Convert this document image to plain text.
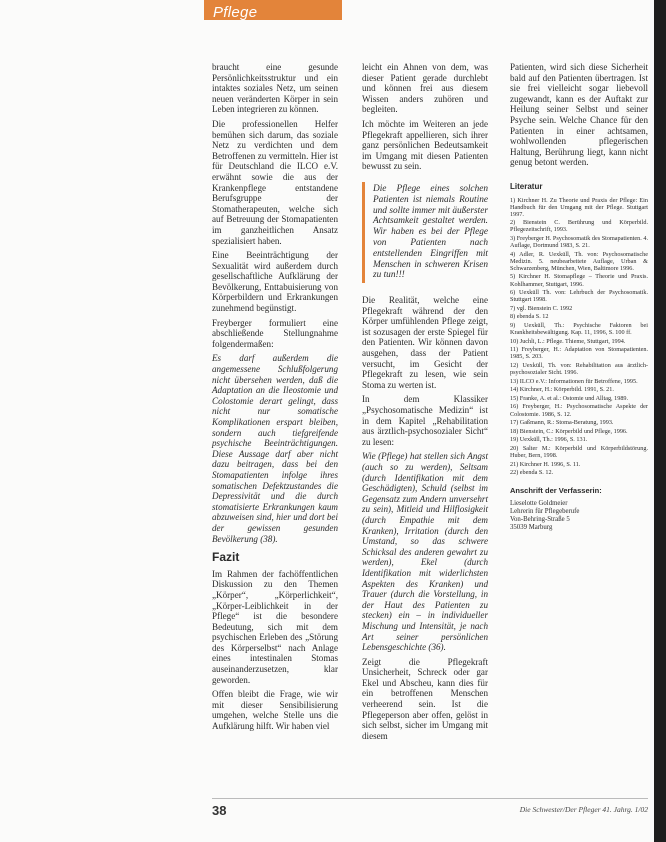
Pflege

braucht eine gesunde Persönlichkeitsstruktur und ein intaktes soziales Netz, um seinen neuen veränderten Körper in sein Leben integrieren zu können.

Die professionellen Helfer bemühen sich darum, das soziale Netz zu verdichten und dem Betroffenen zu vermitteln. Hier ist für Deutschland die ILCO e.V. erwähnt sowie die aus der Krankenpflege entstandene Berufsgruppe der Stomatherapeuten, welche sich auf Betreuung der Stomapatienten im ganzheitlichen Ansatz spezialisiert haben.

Eine Beeinträchtigung der Sexualität wird außerdem durch gesellschaftliche Aufklärung der Bevölkerung, Enttabuisierung von Körperbildern und Erkrankungen zunehmend begünstigt.

Freyberger formuliert eine abschließende Stellungnahme folgendermaßen:

Es darf außerdem die angemessene Schlußfolgerung nicht übersehen werden, daß die Adaptation an die Ileostomie und Colostomie derart gelingt, dass nicht nur somatische Komplikationen erspart bleiben, sondern auch tiefgreifende psychische Beeinträchtigungen. Diese Aussage darf aber nicht dazu beitragen, dass bei den Stomapatienten infolge ihres somatischen Defektzustandes die Depressivität und die durch stomatisierte Erkrankungen kaum abzuweisen sind, hier und dort bei der gewissen gesunden Bevölkerung (38).

Fazit

Im Rahmen der fachöffentlichen Diskussion zu den Themen „Körper“, „Körperlichkeit“, „Körper-Leiblichkeit in der Pflege“ ist die besondere Bedeutung, sich mit dem psychischen Erleben des „Störung des Körperselbst“ nach Anlage eines intestinalen Stomas auseinanderzusetzen, klar geworden.

Offen bleibt die Frage, wie wir mit dieser Sensibilisierung umgehen, welche Stelle uns die Aufklärung hilft. Wir haben viel

leicht ein Ahnen von dem, was dieser Patient gerade durchlebt und können frei aus diesem Wissen anders zuhören und begleiten.

Ich möchte im Weiteren an jede Pflegekraft appellieren, sich ihrer ganz persönlichen Bedeutsamkeit im Umgang mit diesen Patienten bewusst zu sein.

Die Pflege eines solchen Patienten ist niemals Routine und sollte immer mit äußerster Achtsamkeit gestaltet werden. Wir haben es bei der Pflege von Patienten nach entstellenden Eingriffen mit Menschen in schweren Krisen zu tun!!!

Die Realität, welche eine Pflegekraft während der den Körper umfühlenden Pflege zeigt, ist sozusagen der erste Spiegel für den Patienten. Wir können davon ausgehen, dass der Patient versucht, im Gesicht der Pflegekraft zu lesen, wie sein Stoma zu werten ist.

In dem Klassiker „Psychosomatische Medizin“ ist in dem Kapitel „Rehabilitation aus ärztlich-psychosozialer Sicht“ zu lesen:

Wie (Pflege) hat stellen sich Angst (auch so zu werden), Seltsam (durch Identifikation mit dem Geschädigten), Schuld (selbst im Gegensatz zum Andern unversehrt zu sein), Mitleid und Hilflosigkeit (durch Empathie mit dem Kranken), Irritation (durch den Umstand, so das schwere Schicksal des anderen gewahrt zu werden), Ekel (durch Identifikation mit widerlichsten Aspekten des Kranken) und Trauer (durch die Vorstellung, in der Haut des Patienten zu stecken) ein – in individueller Mischung und Intensität, je nach Art seiner persönlichen Lebensgeschichte (36).

Zeigt die Pflegekraft Unsicherheit, Schreck oder gar Ekel und Abscheu, kann dies für ein betroffenen Menschen verheerend sein. Ist die Pflegeperson aber offen, gelöst in sich selbst, sicher im Umgang mit diesem

Patienten, wird sich diese Sicherheit bald auf den Patienten übertragen. Ist sie frei vielleicht sogar liebevoll zugewandt, kann es der Auftakt zur Heilung seiner Selbst und seiner Psyche sein. Welche Chance für den Patienten in einer achtsamen, wohlwollenden pflegerischen Haltung, Berührung liegt, kann nicht genug betont werden.

Literatur
1) Kirchner H. Zu Theorie und Praxis der Pflege: Ein Handbuch für den Umgang mit der Pflege. Stuttgart 1997.
2) Bienstein C. Berührung und Körperbild. Pflegezeitschrift, 1993.
3) Freyberger H. Psychosomatik des Stomapatienten. 4. Auflage, Dortmund 1983, S. 21.
4) Adler, R. Uexküll, Th. von: Psychosomatische Medizin. 5. neubearbeitete Auflage, Urban & Schwarzenberg, München, Wien, Baltimore 1996.
5) Kirchner H. Stomapflege – Theorie und Praxis. Kohlhammer, Stuttgart, 1996.
6) Uexküll Th. von: Lehrbuch der Psychosomatik. Stuttgart 1998.
7) vgl. Bienstein C. 1992
8) ebenda S. 12
9) Uexküll, Th.: Psychische Faktoren bei Krankheitsbewältigung. Kap. 11, 1996, S. 100 ff.
10) Juchli, L.: Pflege. Thieme, Stuttgart, 1994.
11) Freyberger, H.: Adaptation von Stomapatienten. 1985, S. 203.
12) Uexküll, Th. von: Rehabilitation aus ärztlich-psychosozialer Sicht. 1996.
13) ILCO e.V.: Informationen für Betroffene, 1995.
14) Kirchner, H.: Körperbild. 1991, S. 21.
15) Franke, A. et al.: Ostomie und Alltag, 1989.
16) Freyberger, H.: Psychosomatische Aspekte der Colostomie. 1986, S. 12.
17) Gaßmann, R.: Stoma-Beratung, 1993.
18) Bienstein, C.: Körperbild und Pflege, 1996.
19) Uexküll, Th.: 1996, S. 131.
20) Salter M.: Körperbild und Körperbildstörung. Huber, Bern, 1998.
21) Kirchner H. 1996, S. 11.
22) ebenda S. 12.
Anschrift der Verfasserin:
Lieselotte Goldmeier
Lehrerin für Pflegeberufe
Von-Behring-Straße 5
35039 Marburg
38	Die Schwester/Der Pfleger 41. Jahrg. 1/02
